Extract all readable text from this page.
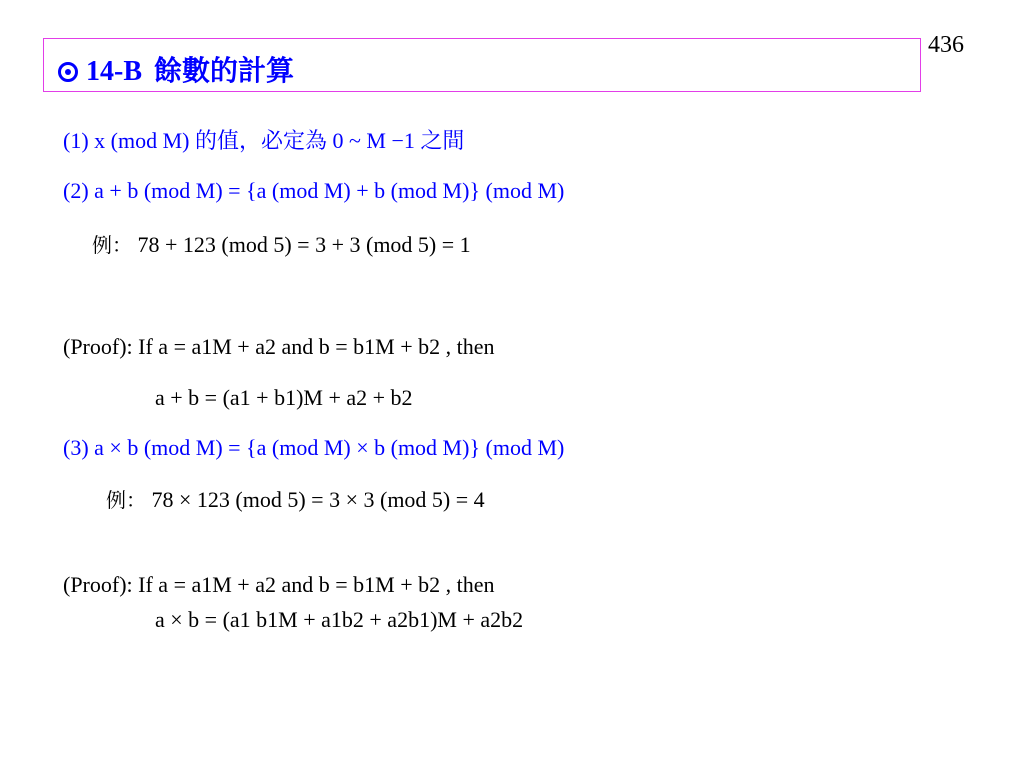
436
14-B 餘數的計算
(1) x (mod M) 的值，必定為 0 ~ M −1 之間
(2) a + b (mod M) = {a (mod M) + b (mod M)} (mod M)
例： 78 + 123 (mod 5) = 3 + 3 (mod 5) = 1
(Proof): If a = a1M + a2 and b = b1M + b2 , then
a + b = (a1 + b1)M + a2 + b2
(3) a × b (mod M) = {a (mod M) × b (mod M)} (mod M)
例： 78 × 123 (mod 5) = 3 × 3 (mod 5) = 4
(Proof): If a = a1M + a2 and b = b1M + b2 , then
a × b = (a1 b1M + a1b2 + a2b1)M + a2b2
